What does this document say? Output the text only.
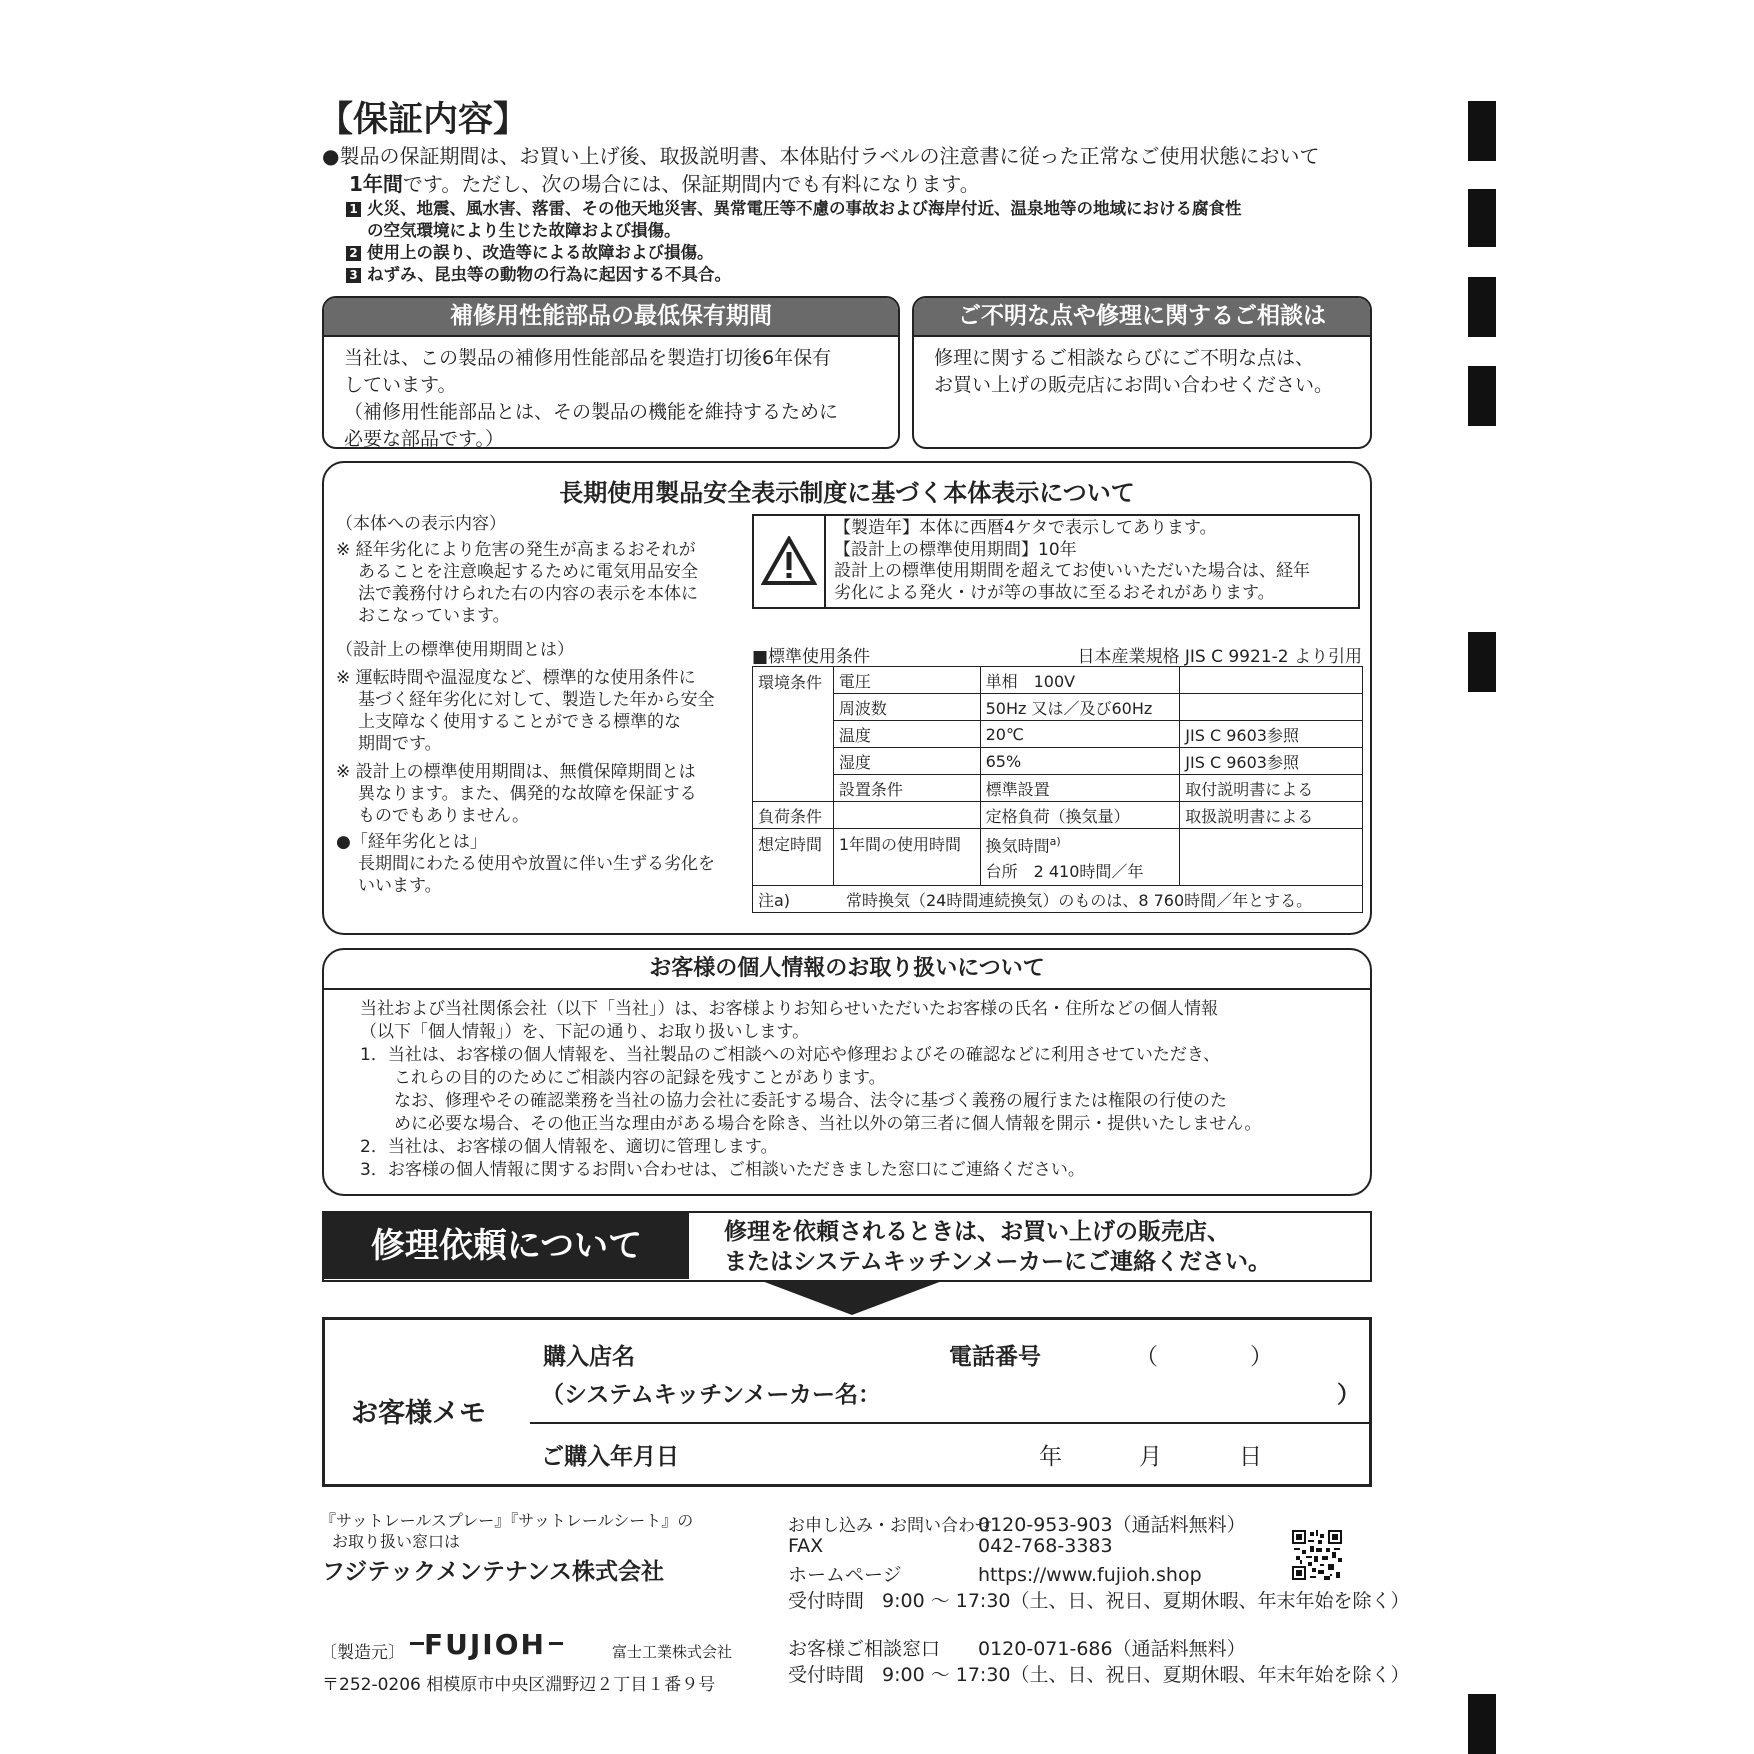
【保証内容】
●製品の保証期間は、お買い上げ後、取扱説明書、本体貼付ラベルの注意書に従った正常なご使用状態において
1年間です。ただし、次の場合には、保証期間内でも有料になります。
1 火災、地震、風水害、落雷、その他天地災害、異常電圧等不慮の事故および海岸付近、温泉地等の地域における腐食性
の空気環境により生じた故障および損傷。
2 使用上の誤り、改造等による故障および損傷。
3 ねずみ、昆虫等の動物の行為に起因する不具合。
補修用性能部品の最低保有期間
当社は、この製品の補修用性能部品を製造打切後6年保有
しています。
（補修用性能部品とは、その製品の機能を維持するために
必要な部品です。）
ご不明な点や修理に関するご相談は
修理に関するご相談ならびにご不明な点は、
お買い上げの販売店にお問い合わせください。
長期使用製品安全表示制度に基づく本体表示について
（本体への表示内容）
※ 経年劣化により危害の発生が高まるおそれが
あることを注意喚起するために電気用品安全
法で義務付けられた右の内容の表示を本体に
おこなっています。
（設計上の標準使用期間とは）
※ 運転時間や温湿度など、標準的な使用条件に
基づく経年劣化に対して、製造した年から安全
上支障なく使用することができる標準的な
期間です。
※ 設計上の標準使用期間は、無償保障期間とは
異なります。また、偶発的な故障を保証する
ものでもありません。
●「経年劣化とは」
長期間にわたる使用や放置に伴い生ずる劣化を
いいます。
【製造年】本体に西暦4ケタで表示してあります。
【設計上の標準使用期間】10年
設計上の標準使用期間を超えてお使いいただいた場合は、経年
劣化による発火・けが等の事故に至るおそれがあります。
■標準使用条件	日本産業規格 JIS C 9921-2 より引用
環境条件	電圧	単相　100V	
	周波数	50Hz 又は／及び60Hz	
	温度	20℃	JIS C 9603参照
	湿度	65%	JIS C 9603参照
	設置条件	標準設置	取付説明書による
負荷条件		定格負荷（換気量）	取扱説明書による
想定時間	1年間の使用時間	換気時間$^{a)}$
台所　2 410時間／年	
注a) 常時換気（24時間連続換気）のものは、8 760時間／年とする。			
お客様の個人情報のお取り扱いについて
当社および当社関係会社（以下「当社」）は、お客様よりお知らせいただいたお客様の氏名・住所などの個人情報
（以下「個人情報」）を、下記の通り、お取り扱いします。
1．当社は、お客様の個人情報を、当社製品のご相談への対応や修理およびその確認などに利用させていただき、
　　これらの目的のためにご相談内容の記録を残すことがあります。
　　なお、修理やその確認業務を当社の協力会社に委託する場合、法令に基づく義務の履行または権限の行使のた
　　めに必要な場合、その他正当な理由がある場合を除き、当社以外の第三者に個人情報を開示・提供いたしません。
2．当社は、お客様の個人情報を、適切に管理します。
3．お客様の個人情報に関するお問い合わせは、ご相談いただきました窓口にご連絡ください。
修理依頼について	修理を依頼されるときは、お買い上げの販売店、
またはシステムキッチンメーカーにご連絡ください。
お客様メモ
購入店名	電話番号	（　　　　）
（システムキッチンメーカー名：	）
ご購入年月日	年	月	日
『サットレールスプレー』『サットレールシート』の
お取り扱い窓口は
フジテックメンテナンス株式会社
〔製造元〕 FUJIOH	富士工業株式会社
〒252-0206 相模原市中央区淵野辺２丁目１番９号
お申し込み・お問い合わせ0120-953-903（通話料無料）
FAX	042-768-3383
ホームページ	https://www.fujioh.shop
受付時間 9:00 〜 17:30（土、日、祝日、夏期休暇、年末年始を除く）
お客様ご相談窓口 0120-071-686（通話料無料）
受付時間 9:00 〜 17:30（土、日、祝日、夏期休暇、年末年始を除く）
